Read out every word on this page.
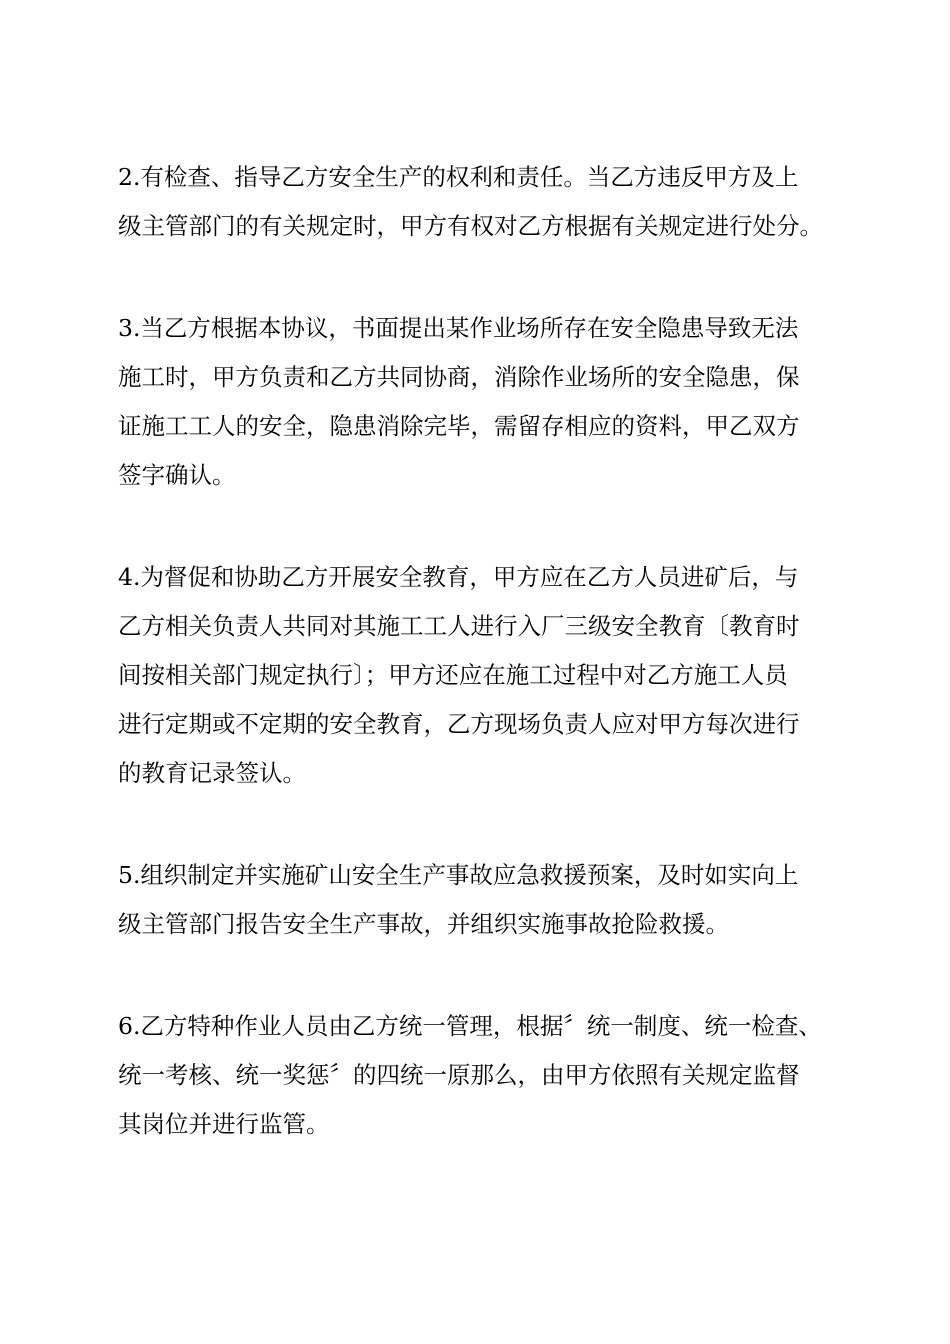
2.有检查、指导乙方安全生产的权利和责任。当乙方违反甲方及上
级主管部门的有关规定时，甲方有权对乙方根据有关规定进行处分。
3.当乙方根据本协议，书面提出某作业场所存在安全隐患导致无法
施工时，甲方负责和乙方共同协商，消除作业场所的安全隐患，保
证施工工人的安全，隐患消除完毕，需留存相应的资料，甲乙双方
签字确认。
4.为督促和协助乙方开展安全教育，甲方应在乙方人员进矿后，与
乙方相关负责人共同对其施工工人进行入厂三级安全教育〔教育时
间按相关部门规定执行〕；甲方还应在施工过程中对乙方施工人员
进行定期或不定期的安全教育，乙方现场负责人应对甲方每次进行
的教育记录签认。
5.组织制定并实施矿山安全生产事故应急救援预案，及时如实向上
级主管部门报告安全生产事故，并组织实施事故抢险救援。
6.乙方特种作业人员由乙方统一管理，根据〞统一制度、统一检查、
统一考核、统一奖惩〞的四统一原那么，由甲方依照有关规定监督
其岗位并进行监管。
